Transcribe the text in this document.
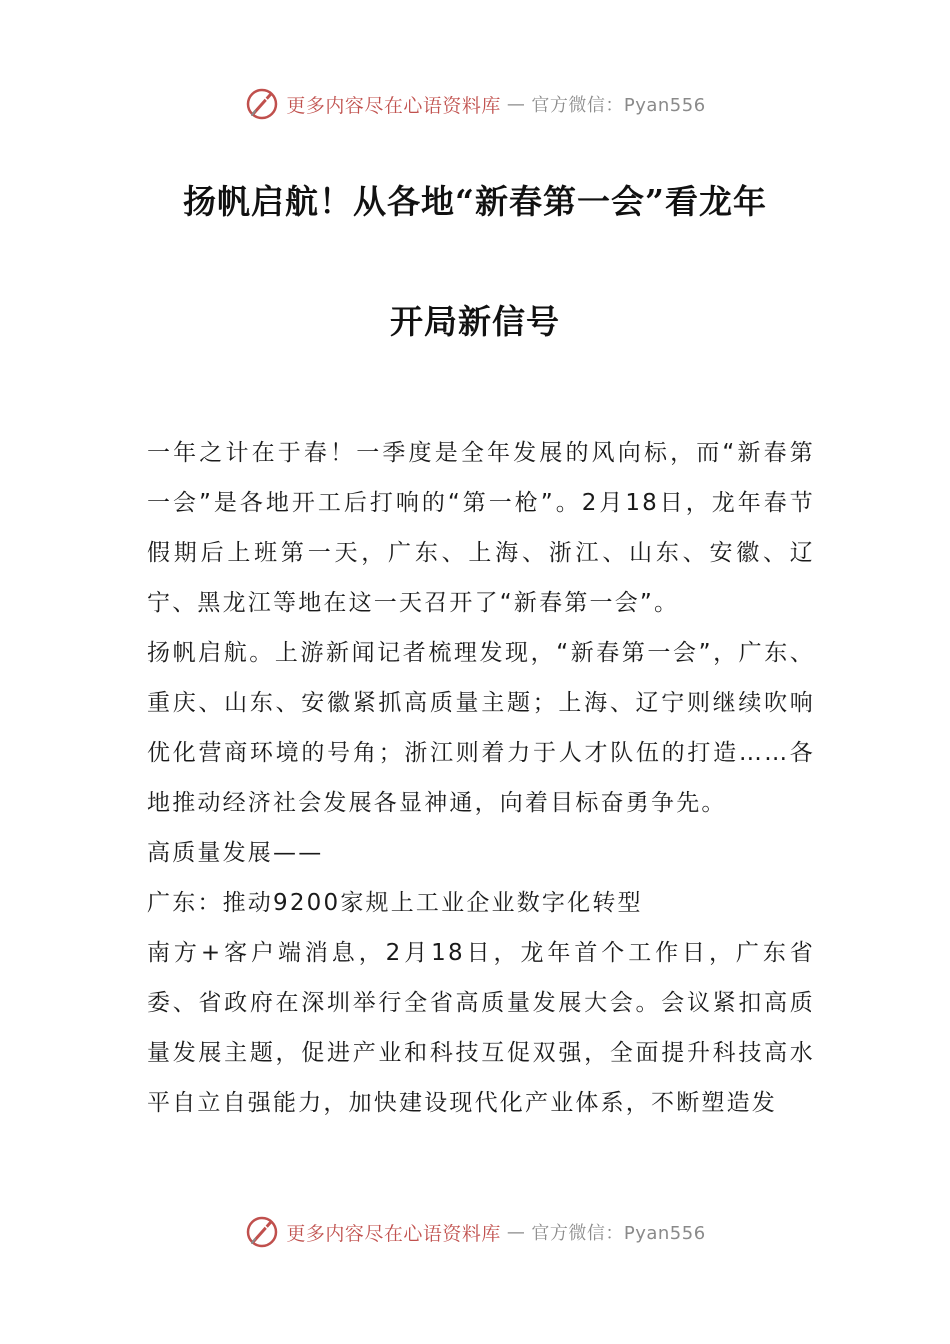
更多内容尽在心语资料库 — 官方微信：Pyan556
扬帆启航！从各地“新春第一会”看龙年
开局新信号

一年之计在于春！一季度是全年发展的风向标，而“新春第一会”是各地开工后打响的“第一枪”。2月18日，龙年春节假期后上班第一天，广东、上海、浙江、山东、安徽、辽宁、黑龙江等地在这一天召开了“新春第一会”。

扬帆启航。上游新闻记者梳理发现，“新春第一会”，广东、重庆、山东、安徽紧抓高质量主题；上海、辽宁则继续吹响优化营商环境的号角；浙江则着力于人才队伍的打造……各地推动经济社会发展各显神通，向着目标奋勇争先。

高质量发展——

广东：推动9200家规上工业企业数字化转型

南方+客户端消息，2月18日，龙年首个工作日，广东省委、省政府在深圳举行全省高质量发展大会。会议紧扣高质量发展主题，促进产业和科技互促双强，全面提升科技高水平自立自强能力，加快建设现代化产业体系，不断塑造发

更多内容尽在心语资料库 — 官方微信：Pyan556
